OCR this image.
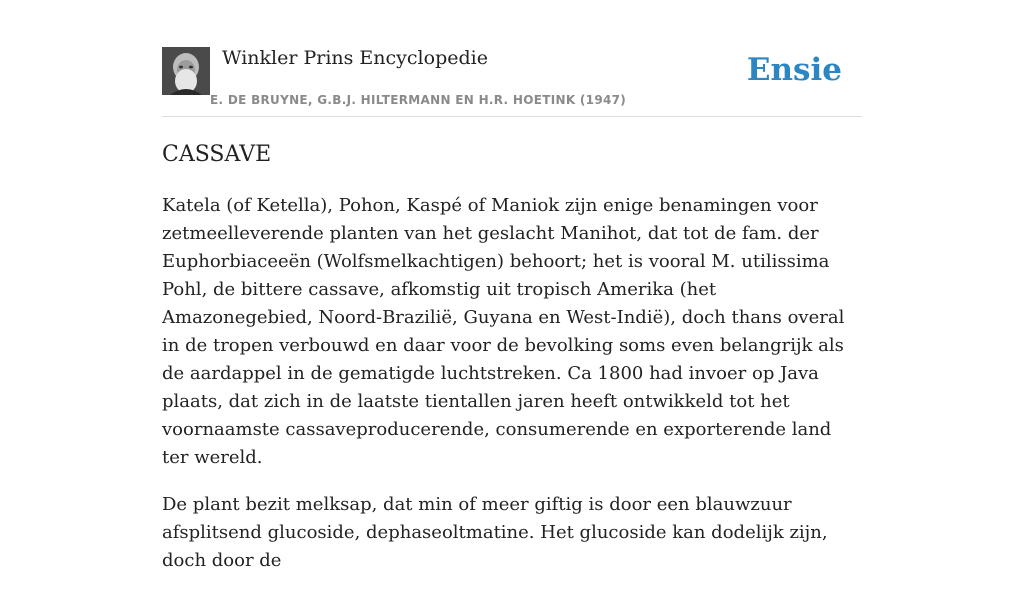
Winkler Prins Encyclopedie
E. DE BRUYNE, G.B.J. HILTERMANN EN H.R. HOETINK (1947)
Ensie
CASSAVE

Katela (of Ketella), Pohon, Kaspé of Maniok zijn enige benamingen voor zetmeelleverende planten van het geslacht Manihot, dat tot de fam. der Euphorbiaceeën (Wolfsmelkachtigen) behoort; het is vooral M. utilissima Pohl, de bittere cassave, afkomstig uit tropisch Amerika (het Amazonegebied, Noord-Brazilië, Guyana en West-Indië), doch thans overal in de tropen verbouwd en daar voor de bevolking soms even belangrijk als de aardappel in de gematigde luchtstreken. Ca 1800 had invoer op Java plaats, dat zich in de laatste tientallen jaren heeft ontwikkeld tot het voornaamste cassaveproducerende, consumerende en exporterende land ter wereld.

De plant bezit melksap, dat min of meer giftig is door een blauwzuur afsplitsend glucoside, dephaseoltmatine. Het glucoside kan dodelijk zijn, doch door de
